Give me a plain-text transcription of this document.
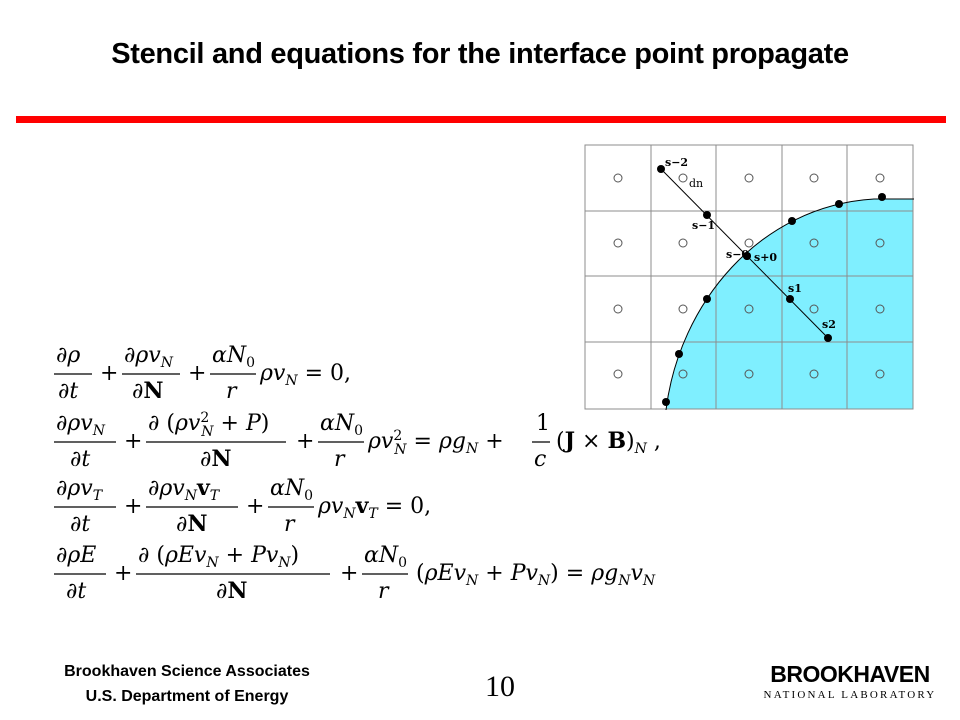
Stencil and equations for the interface point propagate
s−2
dn
s−1
s−0 s+0
s1
s2
∂ρ
∂t
+
$\partial\rho v_N$
∂N
+
$\alpha N_0$
r
$\rho v_N = 0$,
$\partial\rho v_N$
∂t
+
∂ ($\rho v^2$ N + P)
∂N
+
$\alpha N_0$
r
$\rho v^2$ $N = \rho g_N$ +
1
c
$(J \times B)_N$ ,
$\partial\rho v_T$
∂t
+
$\partial\rho v_Nv_T$
∂N
+
$\alpha N_0$
r
$\rho v_Nv_T = 0$,
∂ρE
∂t
+
∂ $(\rho Ev_N + Pv_N)$
∂N
+
$\alpha N_0$
r
$(\rho Ev_N + Pv_N) = \rho g_Nv_N$
Brookhaven Science Associates
U.S. Department of Energy	10	BROOKHAVEN
NATIONAL LABORATORY
